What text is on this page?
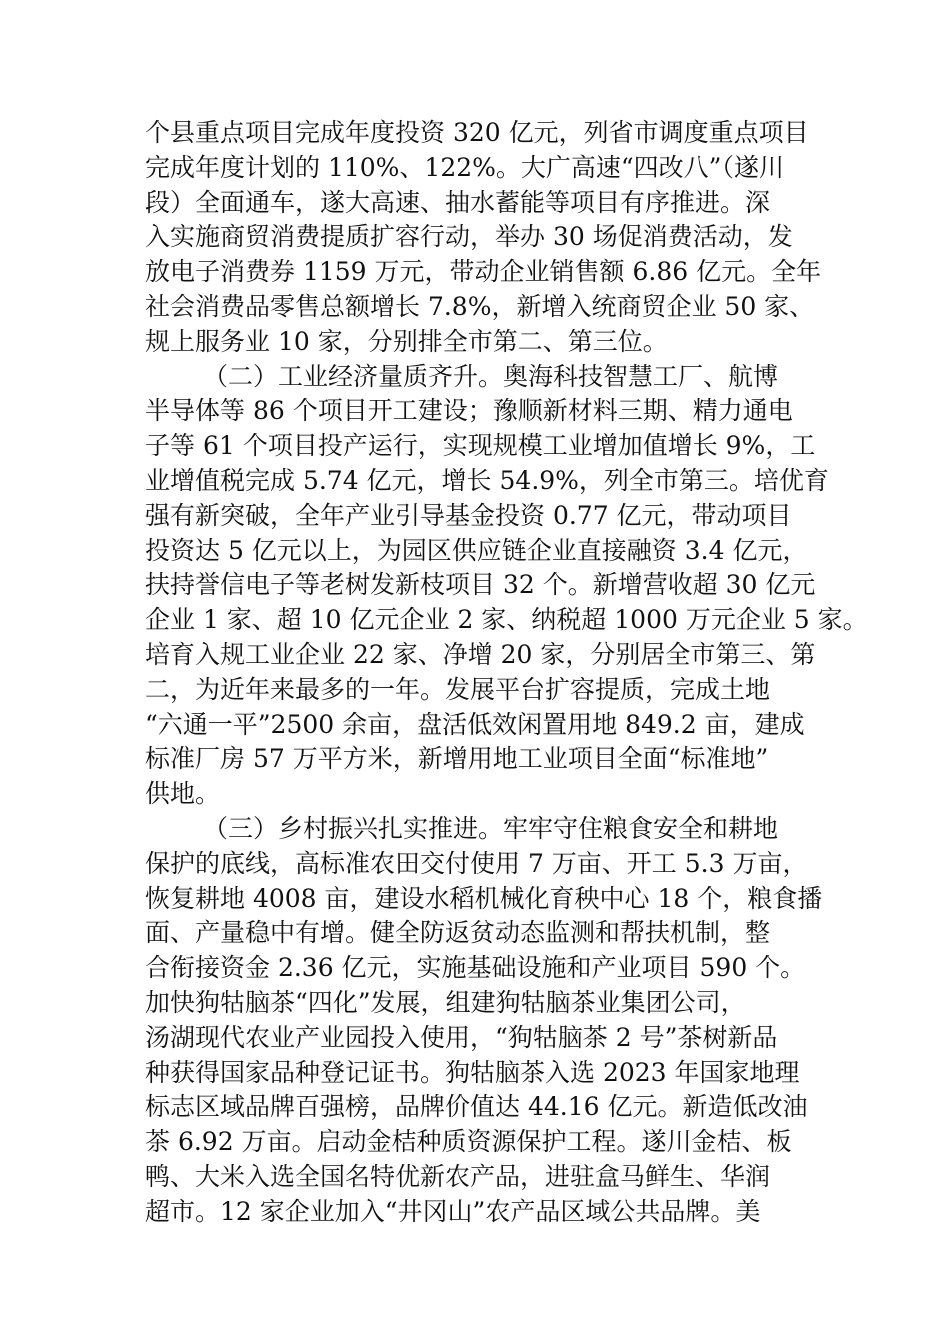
个县重点项目完成年度投资 320 亿元，列省市调度重点项目
完成年度计划的 110%、122%。大广高速“四改八”（遂川
段）全面通车，遂大高速、抽水蓄能等项目有序推进。深
入实施商贸消费提质扩容行动，举办 30 场促消费活动，发
放电子消费券 1159 万元，带动企业销售额 6.86 亿元。全年
社会消费品零售总额增长 7.8%，新增入统商贸企业 50 家、
规上服务业 10 家，分别排全市第二、第三位。
（二）工业经济量质齐升。奥海科技智慧工厂、航博
半导体等 86 个项目开工建设；豫顺新材料三期、精力通电
子等 61 个项目投产运行，实现规模工业增加值增长 9%，工
业增值税完成 5.74 亿元，增长 54.9%，列全市第三。培优育
强有新突破，全年产业引导基金投资 0.77 亿元，带动项目
投资达 5 亿元以上，为园区供应链企业直接融资 3.4 亿元，
扶持誉信电子等老树发新枝项目 32 个。新增营收超 30 亿元
企业 1 家、超 10 亿元企业 2 家、纳税超 1000 万元企业 5 家。
培育入规工业企业 22 家、净增 20 家，分别居全市第三、第
二，为近年来最多的一年。发展平台扩容提质，完成土地
“六通一平”2500 余亩，盘活低效闲置用地 849.2 亩，建成
标准厂房 57 万平方米，新增用地工业项目全面“标准地”
供地。
（三）乡村振兴扎实推进。牢牢守住粮食安全和耕地
保护的底线，高标准农田交付使用 7 万亩、开工 5.3 万亩，
恢复耕地 4008 亩，建设水稻机械化育秧中心 18 个，粮食播
面、产量稳中有增。健全防返贫动态监测和帮扶机制，整
合衔接资金 2.36 亿元，实施基础设施和产业项目 590 个。
加快狗牯脑茶“四化”发展，组建狗牯脑茶业集团公司，
汤湖现代农业产业园投入使用，“狗牯脑茶 2 号”茶树新品
种获得国家品种登记证书。狗牯脑茶入选 2023 年国家地理
标志区域品牌百强榜，品牌价值达 44.16 亿元。新造低改油
茶 6.92 万亩。启动金桔种质资源保护工程。遂川金桔、板
鸭、大米入选全国名特优新农产品，进驻盒马鲜生、华润
超市。12 家企业加入“井冈山”农产品区域公共品牌。美
